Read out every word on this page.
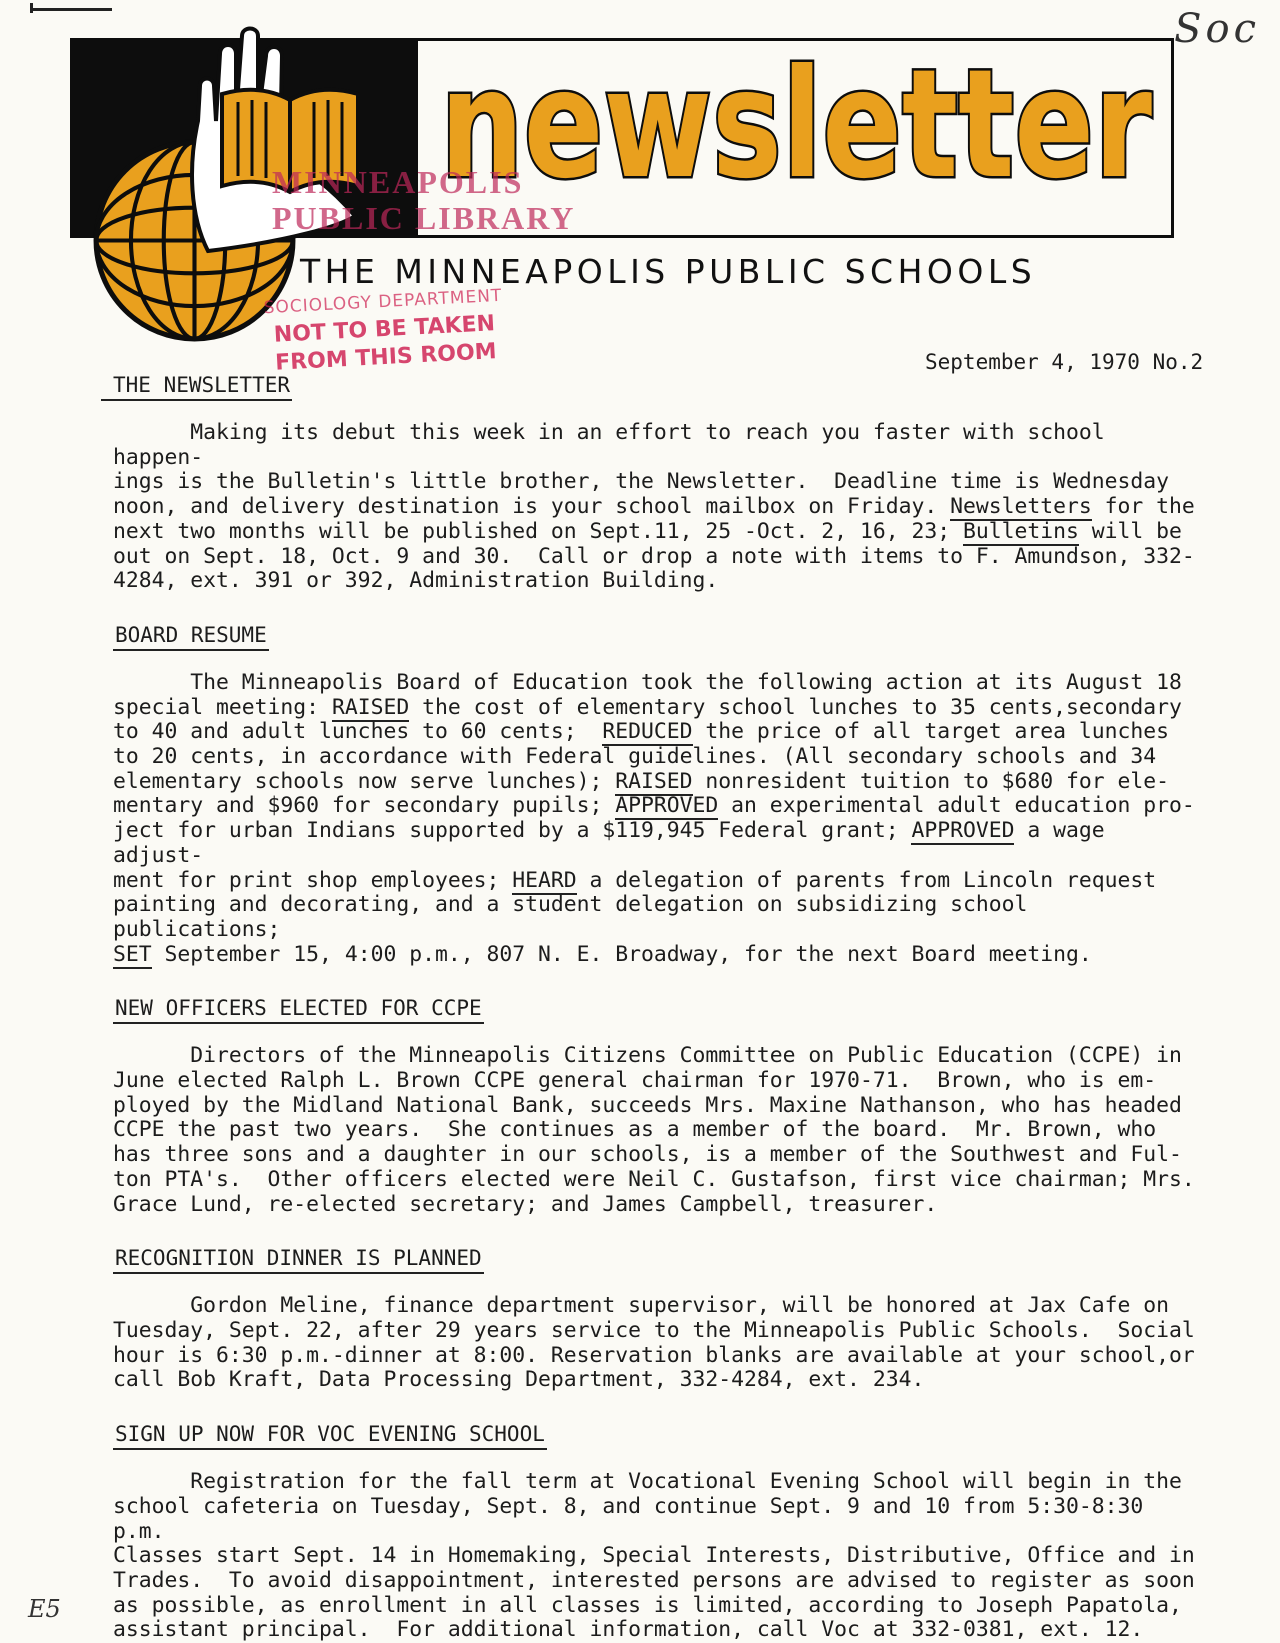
Soc
newsletter
MINNEAPOLIS
PUBLIC LIBRARY
THE MINNEAPOLIS PUBLIC SCHOOLS
SOCIOLOGY DEPARTMENT
NOT TO BE TAKEN
FROM THIS ROOM	September 4, 1970 No.2
THE NEWSLETTER

Making its debut this week in an effort to reach you faster with school happen-
ings is the Bulletin's little brother, the Newsletter.  Deadline time is Wednesday
noon, and delivery destination is your school mailbox on Friday. Newsletters for the
next two months will be published on Sept.11, 25 -Oct. 2, 16, 23; Bulletins will be
out on Sept. 18, Oct. 9 and 30.  Call or drop a note with items to F. Amundson, 332-
4284, ext. 391 or 392, Administration Building.

BOARD RESUME

The Minneapolis Board of Education took the following action at its August 18
special meeting: RAISED the cost of elementary school lunches to 35 cents,secondary
to 40 and adult lunches to 60 cents;  REDUCED the price of all target area lunches
to 20 cents, in accordance with Federal guidelines. (All secondary schools and 34
elementary schools now serve lunches); RAISED nonresident tuition to $680 for ele-
mentary and $960 for secondary pupils; APPROVED an experimental adult education pro-
ject for urban Indians supported by a $119,945 Federal grant; APPROVED a wage adjust-
ment for print shop employees; HEARD a delegation of parents from Lincoln request
painting and decorating, and a student delegation on subsidizing school publications;
SET September 15, 4:00 p.m., 807 N. E. Broadway, for the next Board meeting.

NEW OFFICERS ELECTED FOR CCPE

Directors of the Minneapolis Citizens Committee on Public Education (CCPE) in
June elected Ralph L. Brown CCPE general chairman for 1970-71.  Brown, who is em-
ployed by the Midland National Bank, succeeds Mrs. Maxine Nathanson, who has headed
CCPE the past two years.  She continues as a member of the board.  Mr. Brown, who
has three sons and a daughter in our schools, is a member of the Southwest and Ful-
ton PTA's.  Other officers elected were Neil C. Gustafson, first vice chairman; Mrs.
Grace Lund, re-elected secretary; and James Campbell, treasurer.

RECOGNITION DINNER IS PLANNED

Gordon Meline, finance department supervisor, will be honored at Jax Cafe on
Tuesday, Sept. 22, after 29 years service to the Minneapolis Public Schools.  Social
hour is 6:30 p.m.-dinner at 8:00. Reservation blanks are available at your school,or
call Bob Kraft, Data Processing Department, 332-4284, ext. 234.

SIGN UP NOW FOR VOC EVENING SCHOOL

Registration for the fall term at Vocational Evening School will begin in the
school cafeteria on Tuesday, Sept. 8, and continue Sept. 9 and 10 from 5:30-8:30 p.m.
Classes start Sept. 14 in Homemaking, Special Interests, Distributive, Office and in
Trades.  To avoid disappointment, interested persons are advised to register as soon
as possible, as enrollment in all classes is limited, according to Joseph Papatola,
assistant principal.  For additional information, call Voc at 332-0381, ext. 12.

E5
